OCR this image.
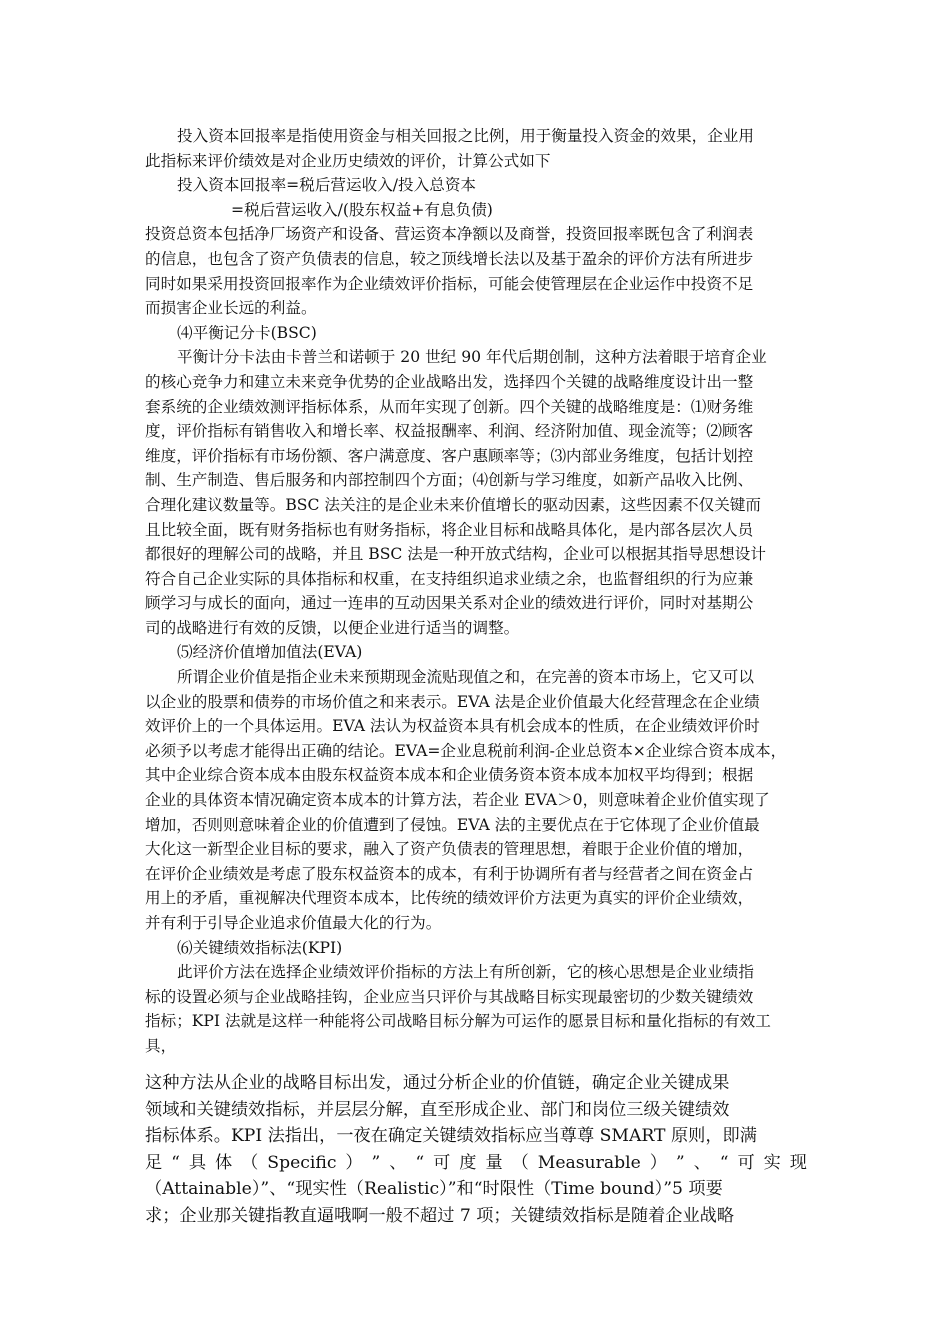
投入资本回报率是指使用资金与相关回报之比例，用于衡量投入资金的效果，企业用
此指标来评价绩效是对企业历史绩效的评价，计算公式如下
投入资本回报率=税后营运收入/投入总资本
=税后营运收入/(股东权益+有息负债)
投资总资本包括净厂场资产和设备、营运资本净额以及商誉，投资回报率既包含了利润表
的信息，也包含了资产负债表的信息，较之顶线增长法以及基于盈余的评价方法有所进步
同时如果采用投资回报率作为企业绩效评价指标，可能会使管理层在企业运作中投资不足
而损害企业长远的利益。
⑷平衡记分卡(BSC)
平衡计分卡法由卡普兰和诺顿于 20 世纪 90 年代后期创制，这种方法着眼于培育企业
的核心竞争力和建立未来竞争优势的企业战略出发，选择四个关键的战略维度设计出一整
套系统的企业绩效测评指标体系，从而年实现了创新。四个关键的战略维度是：⑴财务维
度，评价指标有销售收入和增长率、权益报酬率、利润、经济附加值、现金流等；⑵顾客
维度，评价指标有市场份额、客户满意度、客户惠顾率等；⑶内部业务维度，包括计划控
制、生产制造、售后服务和内部控制四个方面；⑷创新与学习维度，如新产品收入比例、
合理化建议数量等。BSC 法关注的是企业未来价值增长的驱动因素，这些因素不仅关键而
且比较全面，既有财务指标也有财务指标，将企业目标和战略具体化，是内部各层次人员
都很好的理解公司的战略，并且 BSC 法是一种开放式结构，企业可以根据其指导思想设计
符合自己企业实际的具体指标和权重，在支持组织追求业绩之余，也监督组织的行为应兼
顾学习与成长的面向，通过一连串的互动因果关系对企业的绩效进行评价，同时对基期公
司的战略进行有效的反馈，以便企业进行适当的调整。
⑸经济价值增加值法(EVA)
所谓企业价值是指企业未来预期现金流贴现值之和，在完善的资本市场上，它又可以
以企业的股票和债券的市场价值之和来表示。EVA 法是企业价值最大化经营理念在企业绩
效评价上的一个具体运用。EVA 法认为权益资本具有机会成本的性质，在企业绩效评价时
必须予以考虑才能得出正确的结论。EVA=企业息税前利润-企业总资本×企业综合资本成本，
其中企业综合资本成本由股东权益资本成本和企业债务资本资本成本加权平均得到；根据
企业的具体资本情况确定资本成本的计算方法，若企业 EVA＞0，则意味着企业价值实现了
增加，否则则意味着企业的价值遭到了侵蚀。EVA 法的主要优点在于它体现了企业价值最
大化这一新型企业目标的要求，融入了资产负债表的管理思想，着眼于企业价值的增加，
在评价企业绩效是考虑了股东权益资本的成本，有利于协调所有者与经营者之间在资金占
用上的矛盾，重视解决代理资本成本，比传统的绩效评价方法更为真实的评价企业绩效，
并有利于引导企业追求价值最大化的行为。
⑹关键绩效指标法(KPI)
此评价方法在选择企业绩效评价指标的方法上有所创新，它的核心思想是企业业绩指
标的设置必须与企业战略挂钩，企业应当只评价与其战略目标实现最密切的少数关键绩效
指标；KPI 法就是这样一种能将公司战略目标分解为可运作的愿景目标和量化指标的有效工
具，
这种方法从企业的战略目标出发，通过分析企业的价值链，确定企业关键成果
领域和关键绩效指标，并层层分解，直至形成企业、部门和岗位三级关键绩效
指标体系。KPI 法指出，一夜在确定关键绩效指标应当尊尊 SMART 原则，即满
足 “ 具 体 （ Specific ） ” 、 “ 可 度 量 （ Measurable ） ” 、 “ 可 实 现
（Attainable）”、“现实性（Realistic）”和“时限性（Time bound）”5 项要
求；企业那关键指教直逼哦啊一般不超过 7 项；关键绩效指标是随着企业战略
